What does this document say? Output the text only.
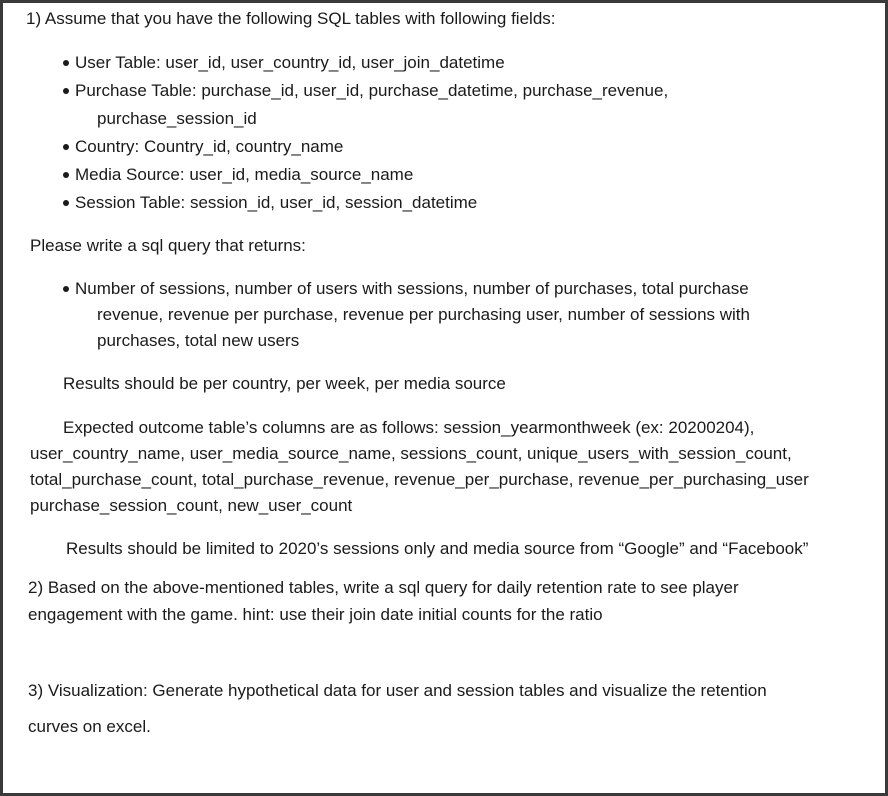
1) Assume that you have the following SQL tables with following fields:
User Table: user_id, user_country_id, user_join_datetime
Purchase Table: purchase_id, user_id, purchase_datetime, purchase_revenue,
purchase_session_id
Country: Country_id, country_name
Media Source: user_id, media_source_name
Session Table: session_id, user_id, session_datetime
Please write a sql query that returns:
Number of sessions, number of users with sessions, number of purchases, total purchase
revenue, revenue per purchase, revenue per purchasing user, number of sessions with
purchases, total new users
Results should be per country, per week, per media source
Expected outcome table’s columns are as follows: session_yearmonthweek (ex: 20200204),
user_country_name, user_media_source_name, sessions_count, unique_users_with_session_count,
total_purchase_count, total_purchase_revenue, revenue_per_purchase, revenue_per_purchasing_user
purchase_session_count, new_user_count
Results should be limited to 2020’s sessions only and media source from “Google” and “Facebook”
2) Based on the above-mentioned tables, write a sql query for daily retention rate to see player
engagement with the game. hint: use their join date initial counts for the ratio
3) Visualization: Generate hypothetical data for user and session tables and visualize the retention
curves on excel.
